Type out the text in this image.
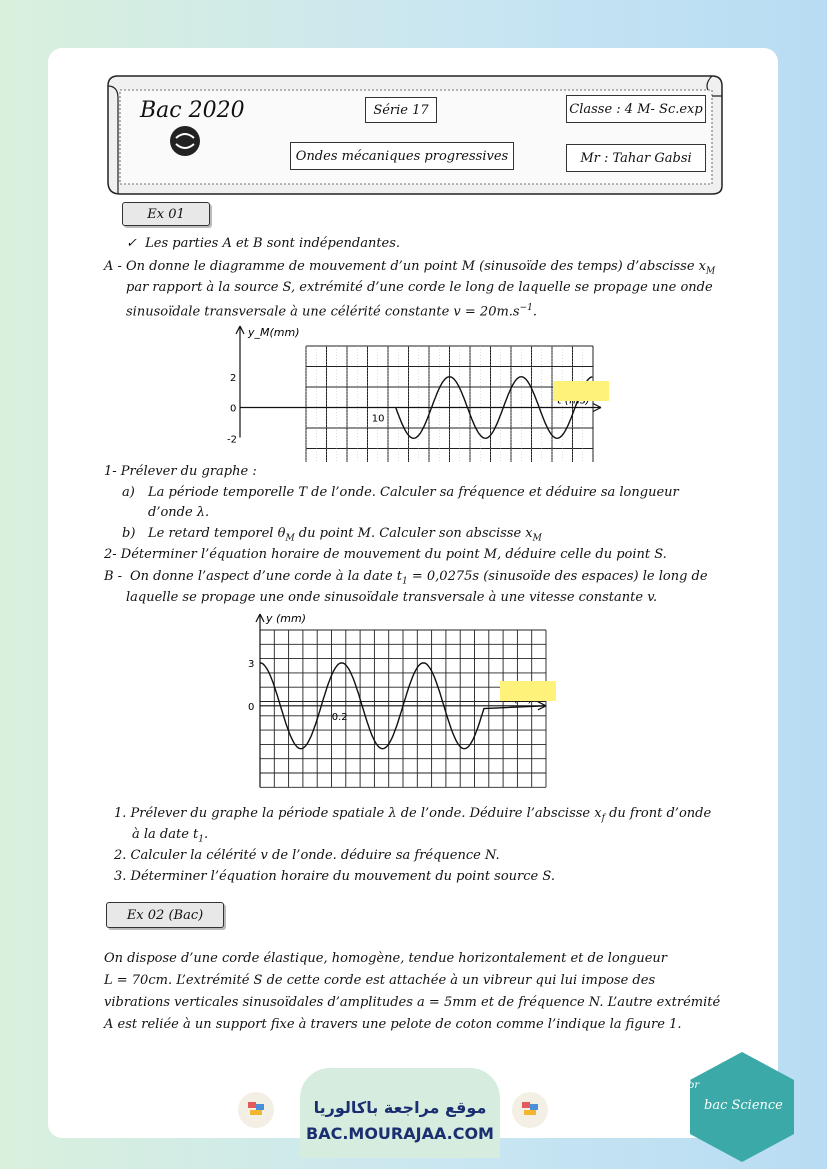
Bac 2020	Série 17	Classe : 4 M- Sc.exp
Ondes mécaniques progressives	Mr : Tahar Gabsi
Ex 01
✓  Les parties A et B sont indépendantes.
A - On donne le diagramme de mouvement d’un point M (sinusoïde des temps) d’abscisse $x_M$
par rapport à la source S, extrémité d’une corde le long de laquelle se propage une onde
sinusoïdale transversale à une célérité constante $v = 20m.s^{-1}$.
y_M(mm)
2
0
-2
10
1- Prélever du graphe :
a) La période temporelle T de l’onde. Calculer sa fréquence et déduire sa longueur
d’onde λ.
b) Le retard temporel $\theta_M$ du point M. Calculer son abscisse $x_M$
2- Déterminer l’équation horaire de mouvement du point M, déduire celle du point S.
B - On donne l’aspect d’une corde à la date $t_1 = 0,0275s$ (sinusoïde des espaces) le long de
laquelle se propage une onde sinusoïdale transversale à une vitesse constante v.
y (mm)
3
0
0.2
1. Prélever du graphe la période spatiale λ de l’onde. Déduire l’abscisse $x_f$ du front d’onde
à la date $t_1$.
2. Calculer la célérité v de l’onde. déduire sa fréquence N.
3. Déterminer l’équation horaire du mouvement du point source S.
Ex 02 (Bac)
On dispose d’une corde élastique, homogène, tendue horizontalement et de longueur
L = 70cm. L’extrémité S de cette corde est attachée à un vibreur qui lui impose des
vibrations verticales sinusoïdales d’amplitudes a = 5mm et de fréquence N. L’autre extrémité
A est reliée à un support fixe à travers une pelote de coton comme l’indique la figure 1.
موقع مراجعة باكالوريا
BAC.MOURAJAA.COM
bac Science
br
